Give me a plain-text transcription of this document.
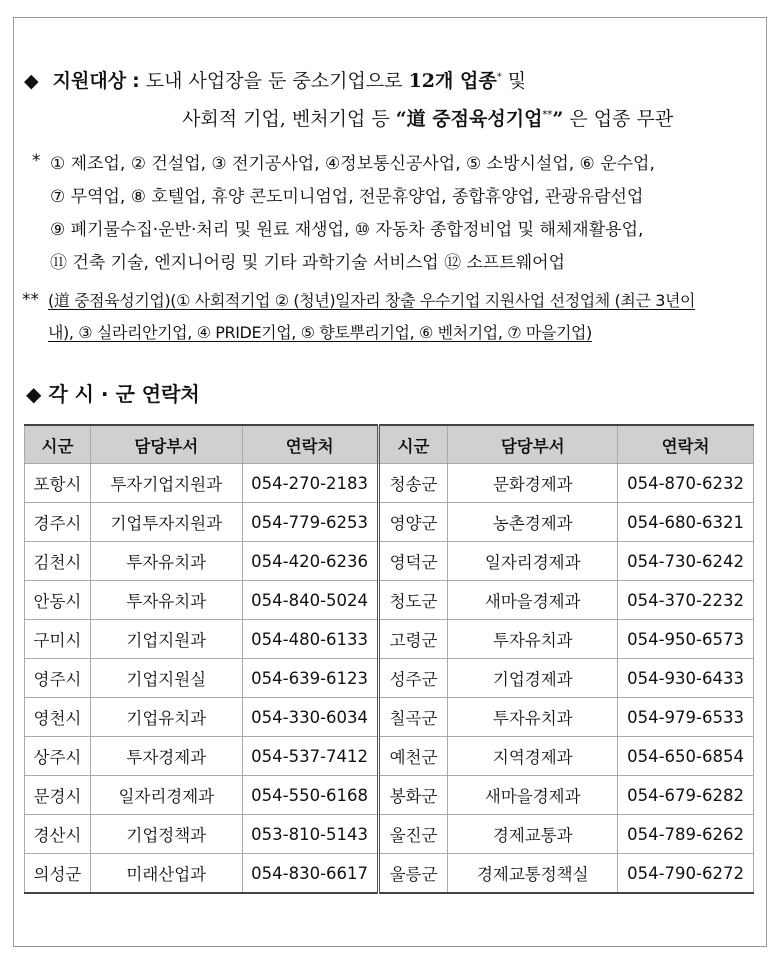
◆ 지원대상 : 도내 사업장을 둔 중소기업으로 12개 업종* 및
사회적 기업, 벤처기업 등 “道 중점육성기업**” 은 업종 무관
* ① 제조업, ② 건설업, ③ 전기공사업, ④정보통신공사업, ⑤ 소방시설업, ⑥ 운수업,
⑦ 무역업, ⑧ 호텔업, 휴양 콘도미니엄업, 전문휴양업, 종합휴양업, 관광유람선업
⑨ 폐기물수집·운반·처리 및 원료 재생업, ⑩ 자동차 종합정비업 및 해체재활용업,
⑪ 건축 기술, 엔지니어링 및 기타 과학기술 서비스업 ⑫ 소프트웨어업
** (道 중점육성기업)(① 사회적기업 ② (청년)일자리 창출 우수기업 지원사업 선정업체 (최근 3년이
내), ③ 실라리안기업, ④ PRIDE기업, ⑤ 향토뿌리기업, ⑥ 벤처기업, ⑦ 마을기업)
◆ 각 시 · 군 연락처
시군	담당부서	연락처	시군	담당부서	연락처
포항시	투자기업지원과	054-270-2183	청송군	문화경제과	054-870-6232
경주시	기업투자지원과	054-779-6253	영양군	농촌경제과	054-680-6321
김천시	투자유치과	054-420-6236	영덕군	일자리경제과	054-730-6242
안동시	투자유치과	054-840-5024	청도군	새마을경제과	054-370-2232
구미시	기업지원과	054-480-6133	고령군	투자유치과	054-950-6573
영주시	기업지원실	054-639-6123	성주군	기업경제과	054-930-6433
영천시	기업유치과	054-330-6034	칠곡군	투자유치과	054-979-6533
상주시	투자경제과	054-537-7412	예천군	지역경제과	054-650-6854
문경시	일자리경제과	054-550-6168	봉화군	새마을경제과	054-679-6282
경산시	기업정책과	053-810-5143	울진군	경제교통과	054-789-6262
의성군	미래산업과	054-830-6617	울릉군	경제교통정책실	054-790-6272
